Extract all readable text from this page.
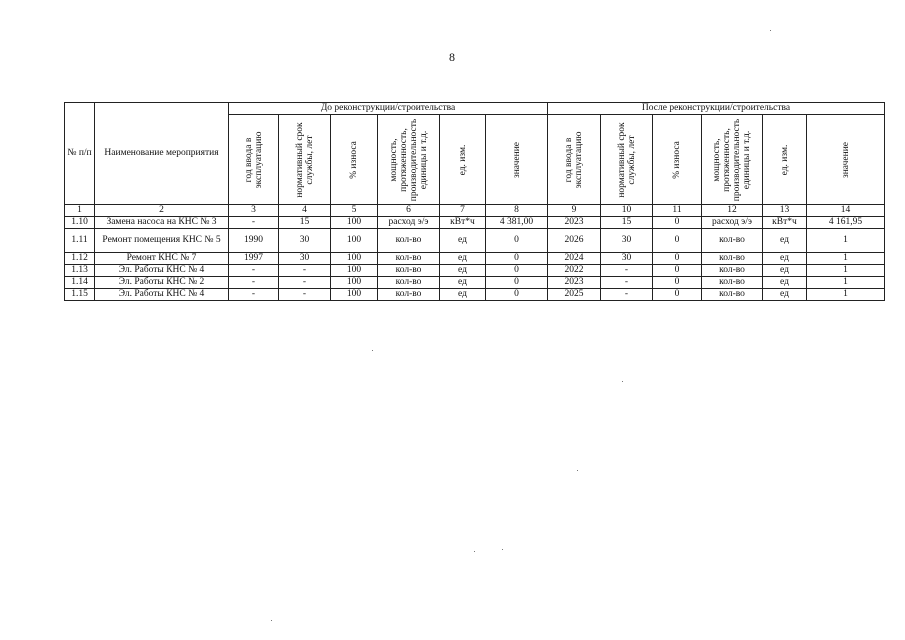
8
№ п/п	Наименование мероприятия	До реконструкции/строительства						После реконструкции/строительства					

		год ввода в эксплуатацию	нормативный срок службы, лет	% износа	мощность, протяженность, производительность единицы и т.д.	ед. изм.	значение	год ввода в эксплуатацию	нормативный срок службы, лет	% износа	мощность, протяженность, производительность единицы и т.д.	ед. изм.	значение

1	2	3	4	5	6	7	8	9	10	11	12	13	14
1.10	Замена насоса на КНС № 3	-	15	100	расход э/э	кВт*ч	4 381,00	2023	15	0	расход э/э	кВт*ч	4 161,95
1.11	Ремонт помещения КНС № 5	1990	30	100	кол-во	ед	0	2026	30	0	кол-во	ед	1
1.12	Ремонт КНС № 7	1997	30	100	кол-во	ед	0	2024	30	0	кол-во	ед	1
1.13	Эл. Работы КНС № 4	-	-	100	кол-во	ед	0	2022	-	0	кол-во	ед	1
1.14	Эл. Работы КНС № 2	-	-	100	кол-во	ед	0	2023	-	0	кол-во	ед	1
1.15	Эл. Работы КНС № 4	-	-	100	кол-во	ед	0	2025	-	0	кол-во	ед	1
